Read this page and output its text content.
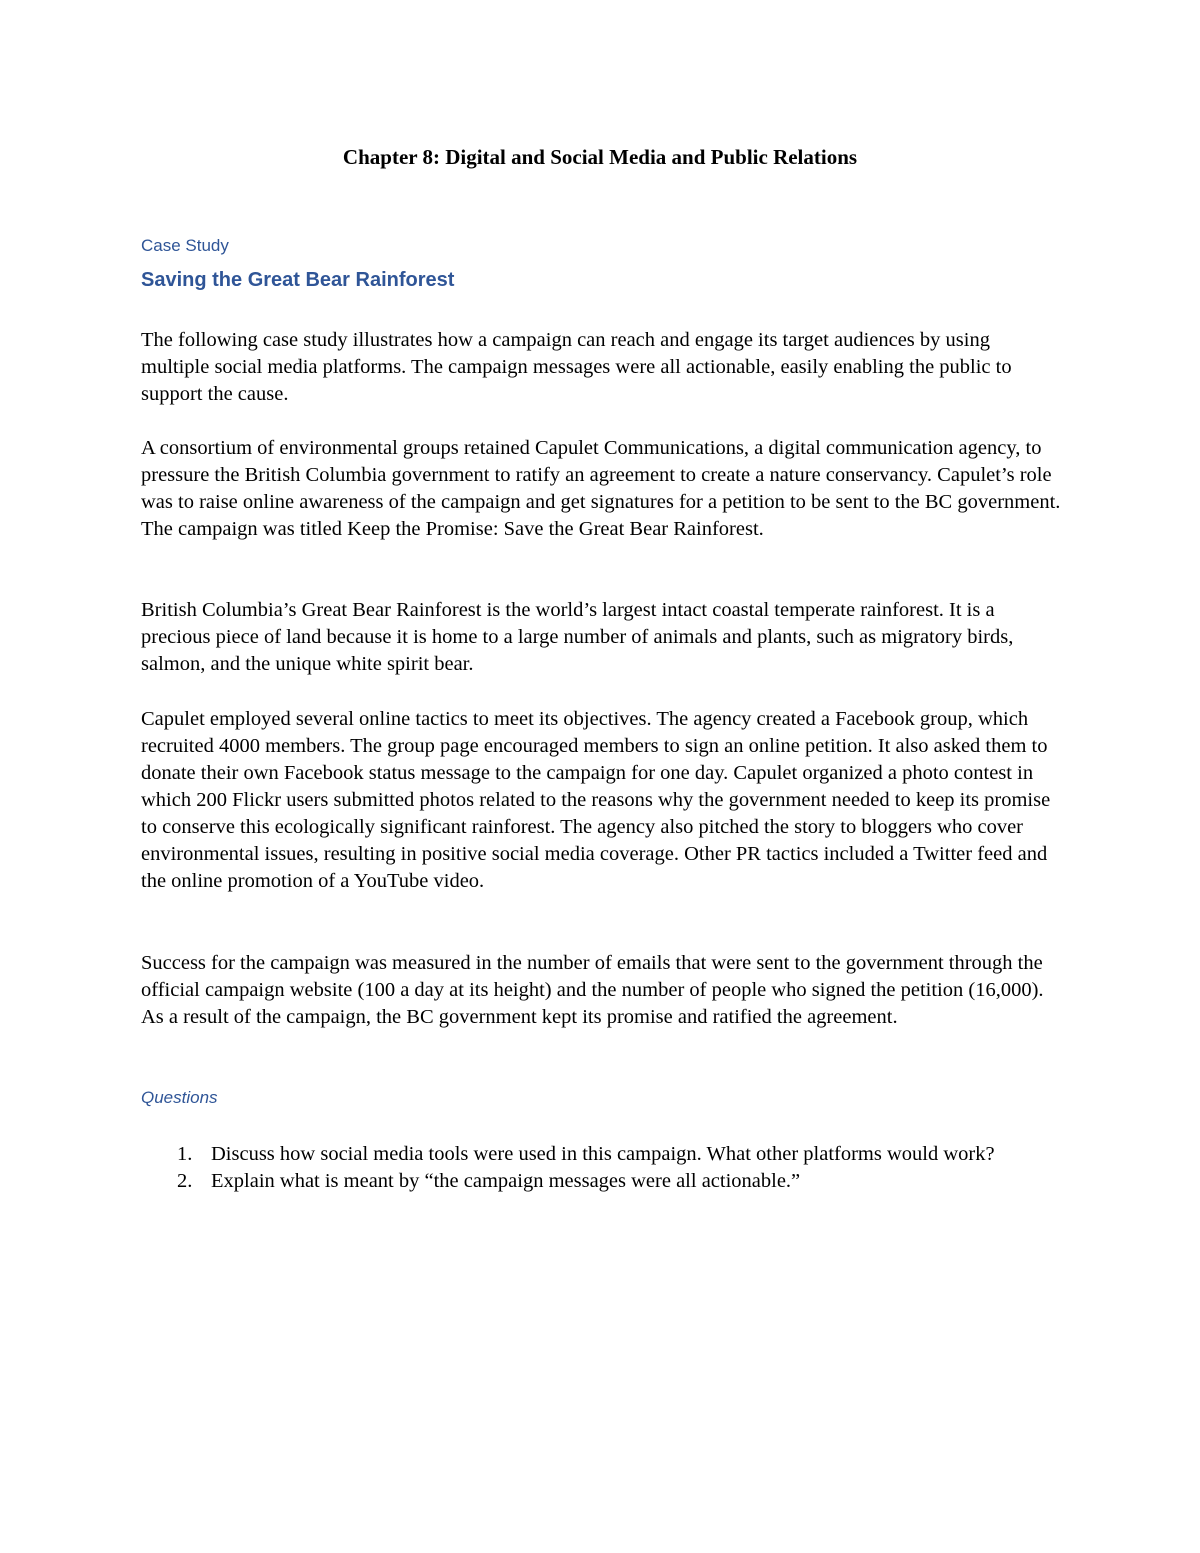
Chapter 8: Digital and Social Media and Public Relations

Case Study

Saving the Great Bear Rainforest

The following case study illustrates how a campaign can reach and engage its target audiences by using multiple social media platforms. The campaign messages were all actionable, easily enabling the public to support the cause.

A consortium of environmental groups retained Capulet Communications, a digital communication agency, to pressure the British Columbia government to ratify an agreement to create a nature conservancy. Capulet’s role was to raise online awareness of the campaign and get signatures for a petition to be sent to the BC government. The campaign was titled Keep the Promise: Save the Great Bear Rainforest.

British Columbia’s Great Bear Rainforest is the world’s largest intact coastal temperate rainforest. It is a precious piece of land because it is home to a large number of animals and plants, such as migratory birds, salmon, and the unique white spirit bear.

Capulet employed several online tactics to meet its objectives. The agency created a Facebook group, which recruited 4000 members. The group page encouraged members to sign an online petition. It also asked them to donate their own Facebook status message to the campaign for one day. Capulet organized a photo contest in which 200 Flickr users submitted photos related to the reasons why the government needed to keep its promise to conserve this ecologically significant rainforest. The agency also pitched the story to bloggers who cover environmental issues, resulting in positive social media coverage. Other PR tactics included a Twitter feed and the online promotion of a YouTube video.

Success for the campaign was measured in the number of emails that were sent to the government through the official campaign website (100 a day at its height) and the number of people who signed the petition (16,000). As a result of the campaign, the BC government kept its promise and ratified the agreement.

Questions

1. Discuss how social media tools were used in this campaign. What other platforms would work?
2. Explain what is meant by “the campaign messages were all actionable.”
